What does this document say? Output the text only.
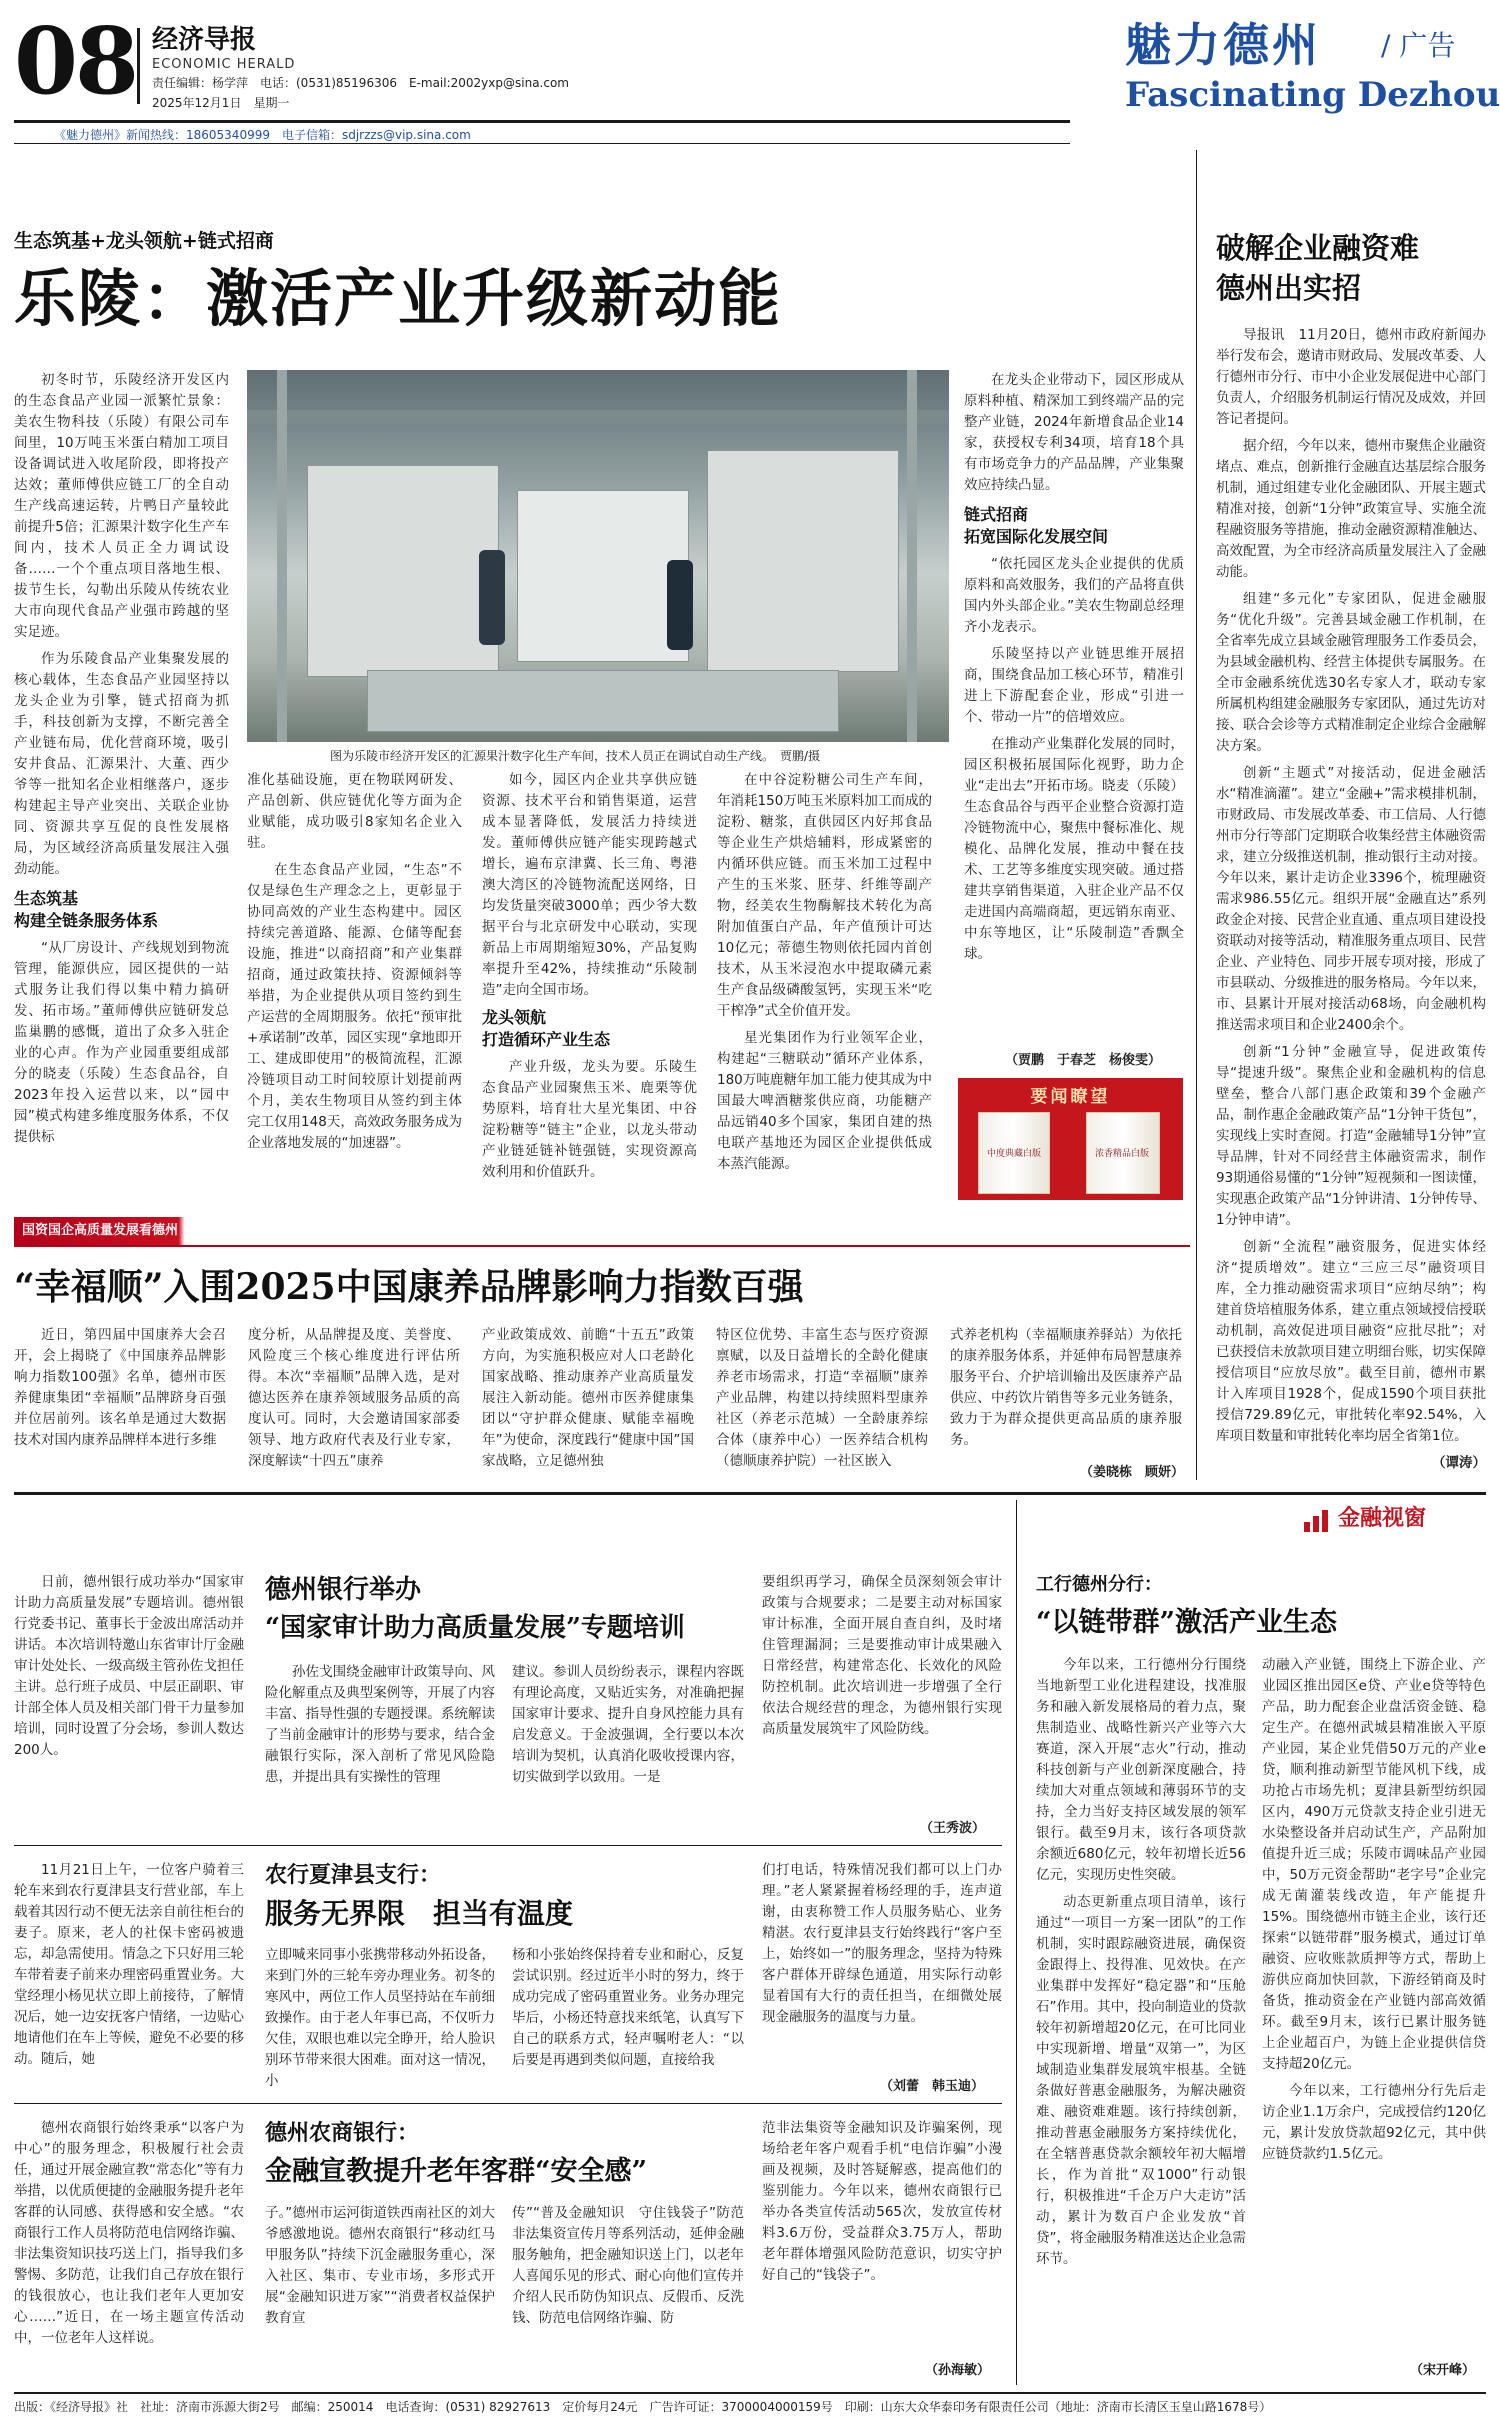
08 经济导报
ECONOMIC HERALD
责任编辑：杨学萍　电话：(0531)85196306　E-mail:2002yxp@sina.com
2025年12月1日　星期一
魅力德州 / 广告
Fascinating Dezhou
《魅力德州》新闻热线：18605340999　电子信箱：sdjrzzs@vip.sina.com
生态筑基+龙头领航+链式招商
乐陵：激活产业升级新动能

初冬时节，乐陵经济开发区内的生态食品产业园一派繁忙景象：美农生物科技（乐陵）有限公司车间里，10万吨玉米蛋白精加工项目设备调试进入收尾阶段，即将投产达效；董师傅供应链工厂的全自动生产线高速运转，片鸭日产量较此前提升5倍；汇源果汁数字化生产车间内，技术人员正全力调试设备……一个个重点项目落地生根、拔节生长，勾勒出乐陵从传统农业大市向现代食品产业强市跨越的坚实足迹。

作为乐陵食品产业集聚发展的核心载体，生态食品产业园坚持以龙头企业为引擎，链式招商为抓手，科技创新为支撑，不断完善全产业链布局，优化营商环境，吸引安井食品、汇源果汁、大董、西少爷等一批知名企业相继落户，逐步构建起主导产业突出、关联企业协同、资源共享互促的良性发展格局，为区域经济高质量发展注入强劲动能。

生态筑基
构建全链条服务体系

“从厂房设计、产线规划到物流管理，能源供应，园区提供的一站式服务让我们得以集中精力搞研发、拓市场。”董师傅供应链研发总监巢鹏的感慨，道出了众多入驻企业的心声。作为产业园重要组成部分的晓麦（乐陵）生态食品谷，自2023年投入运营以来，以“园中园”模式构建多维度服务体系，不仅提供标

图为乐陵市经济开发区的汇源果汁数字化生产车间，技术人员正在调试自动生产线。　贾鹏/摄

准化基础设施，更在物联网研发、产品创新、供应链优化等方面为企业赋能，成功吸引8家知名企业入驻。

在生态食品产业园，“生态”不仅是绿色生产理念之上，更彰显于协同高效的产业生态构建中。园区持续完善道路、能源、仓储等配套设施，推进“以商招商”和产业集群招商，通过政策扶持、资源倾斜等举措，为企业提供从项目签约到生产运营的全周期服务。依托“预审批+承诺制”改革，园区实现“拿地即开工、建成即使用”的极简流程，汇源冷链项目动工时间较原计划提前两个月，美农生物项目从签约到主体完工仅用148天，高效政务服务成为企业落地发展的“加速器”。

如今，园区内企业共享供应链资源、技术平台和销售渠道，运营成本显著降低，发展活力持续迸发。董师傅供应链产能实现跨越式增长，遍布京津冀、长三角、粤港澳大湾区的冷链物流配送网络，日均发货量突破3000单；西少爷大数据平台与北京研发中心联动，实现新品上市周期缩短30%，产品复购率提升至42%，持续推动“乐陵制造”走向全国市场。

龙头领航
打造循环产业生态

产业升级，龙头为要。乐陵生态食品产业园聚焦玉米、鹿栗等优势原料，培育壮大星光集团、中谷淀粉糖等“链主”企业，以龙头带动产业链延链补链强链，实现资源高效利用和价值跃升。

在中谷淀粉糖公司生产车间，年消耗150万吨玉米原料加工而成的淀粉、糖浆，直供园区内好邦食品等企业生产烘焙辅料，形成紧密的内循环供应链。而玉米加工过程中产生的玉米浆、胚芽、纤维等副产物，经美农生物酶解技术转化为高附加值蛋白产品，年产值预计可达10亿元；蒂德生物则依托园内首创技术，从玉米浸泡水中提取磷元素生产食品级磷酸氢钙，实现玉米“吃干榨净”式全价值开发。

星光集团作为行业领军企业，构建起“三糖联动”循环产业体系，180万吨鹿糖年加工能力使其成为中国最大啤酒糖浆供应商，功能糖产品远销40多个国家，集团自建的热电联产基地还为园区企业提供低成本蒸汽能源。

在龙头企业带动下，园区形成从原料种植、精深加工到终端产品的完整产业链，2024年新增食品企业14家，获授权专利34项，培育18个具有市场竞争力的产品品牌，产业集聚效应持续凸显。

链式招商
拓宽国际化发展空间

“依托园区龙头企业提供的优质原料和高效服务，我们的产品将直供国内外头部企业。”美农生物副总经理齐小龙表示。

乐陵坚持以产业链思维开展招商，围绕食品加工核心环节，精准引进上下游配套企业，形成“引进一个、带动一片”的倍增效应。

在推动产业集群化发展的同时，园区积极拓展国际化视野，助力企业“走出去”开拓市场。晓麦（乐陵）生态食品谷与西平企业整合资源打造冷链物流中心，聚焦中餐标准化、规模化、品牌化发展，推动中餐在技术、工艺等多维度实现突破。通过搭建共享销售渠道，入驻企业产品不仅走进国内高端商超，更远销东南亚、中东等地区，让“乐陵制造”香飘全球。

（贾鹏　于春芝　杨俊雯）
要闻瞭望
中度典藏白版	浓香精品白版
破解企业融资难
德州出实招

导报讯　11月20日，德州市政府新闻办举行发布会，邀请市财政局、发展改革委、人行德州市分行、市中小企业发展促进中心部门负责人，介绍服务机制运行情况及成效，并回答记者提问。

据介绍，今年以来，德州市聚焦企业融资堵点、难点，创新推行金融直达基层综合服务机制，通过组建专业化金融团队、开展主题式精准对接，创新“1分钟”政策宣导、实施全流程融资服务等措施，推动金融资源精准触达、高效配置，为全市经济高质量发展注入了金融动能。

组建“多元化”专家团队，促进金融服务“优化升级”。完善县域金融工作机制，在全省率先成立县域金融管理服务工作委员会，为县域金融机构、经营主体提供专属服务。在全市金融系统优选30名专家人才，联动专家所属机构组建金融服务专家团队，通过先访对接、联合会诊等方式精准制定企业综合金融解决方案。

创新“主题式”对接活动，促进金融活水“精准滴灌”。建立“金融+”需求模排机制，市财政局、市发展改革委、市工信局、人行德州市分行等部门定期联合收集经营主体融资需求，建立分级推送机制，推动银行主动对接。今年以来，累计走访企业3396个，梳理融资需求986.55亿元。组织开展“金融直达”系列政金企对接、民营企业直通、重点项目建设投资联动对接等活动，精准服务重点项目、民营企业、产业特色、同步开展专项对接，形成了市县联动、分级推进的服务格局。今年以来，市、县累计开展对接活动68场，向金融机构推送需求项目和企业2400余个。

创新“1分钟”金融宣导，促进政策传导“提速升级”。聚焦企业和金融机构的信息壁垒，整合八部门惠企政策和39个金融产品，制作惠企金融政策产品“1分钟干货包”，实现线上实时查阅。打造“金融辅导1分钟”宣导品牌，针对不同经营主体融资需求，制作93期通俗易懂的“1分钟”短视频和一图读懂，实现惠企政策产品“1分钟讲清、1分钟传导、1分钟申请”。

创新“全流程”融资服务，促进实体经济“提质增效”。建立“三应三尽”融资项目库，全力推动融资需求项目“应纳尽纳”；构建首贷培植服务体系，建立重点领域授信授联动机制，高效促进项目融资“应批尽批”；对已获授信未放款项目建立明细台账，切实保障授信项目“应放尽放”。截至目前，德州市累计入库项目1928个，促成1590个项目获批授信729.89亿元，审批转化率92.54%，入库项目数量和审批转化率均居全省第1位。

（谭涛）
国资国企高质量发展看德州
“幸福顺”入围2025中国康养品牌影响力指数百强

近日，第四届中国康养大会召开，会上揭晓了《中国康养品牌影响力指数100强》名单，德州市医养健康集团“幸福顺”品牌跻身百强并位居前列。该名单是通过大数据技术对国内康养品牌样本进行多维

度分析，从品牌提及度、美誉度、风险度三个核心维度进行评估所得。本次“幸福顺”品牌入选，是对德达医养在康养领域服务品质的高度认可。同时，大会邀请国家部委领导、地方政府代表及行业专家，深度解读“十四五”康养

产业政策成效、前瞻“十五五”政策方向，为实施积极应对人口老龄化国家战略、推动康养产业高质量发展注入新动能。德州市医养健康集团以“守护群众健康、赋能幸福晚年”为使命，深度践行“健康中国”国家战略，立足德州独

特区位优势、丰富生态与医疗资源禀赋，以及日益增长的全龄化健康养老市场需求，打造“幸福顺”康养产业品牌，构建以持续照料型康养社区（养老示范城）一全龄康养综合体（康养中心）一医养结合机构（德顺康养护院）一社区嵌入

式养老机构（幸福顺康养驿站）为依托的康养服务体系，并延伸布局智慧康养服务平台、介护培训输出及医康养产品供应、中药饮片销售等多元业务链条，致力于为群众提供更高品质的康养服务。

（姜晓栋　顾妍）
金融视窗

日前，德州银行成功举办“国家审计助力高质量发展”专题培训。德州银行党委书记、董事长于金波出席活动并讲话。本次培训特邀山东省审计厅金融审计处处长、一级高级主管孙佐戈担任主讲。总行班子成员、中层正副职、审计部全体人员及相关部门骨干力量参加培训，同时设置了分会场，参训人数达200人。

德州银行举办
“国家审计助力高质量发展”专题培训

孙佐戈围绕金融审计政策导向、风险化解重点及典型案例等，开展了内容丰富、指导性强的专题授课。系统解读了当前金融审计的形势与要求，结合金融银行实际，深入剖析了常见风险隐患，并提出具有实操性的管理

建议。参训人员纷纷表示，课程内容既有理论高度，又贴近实务，对准确把握国家审计要求、提升自身风控能力具有启发意义。于金波强调，全行要以本次培训为契机，认真消化吸收授课内容，切实做到学以致用。一是

要组织再学习，确保全员深刻领会审计政策与合规要求；二是要主动对标国家审计标准，全面开展自查自纠，及时堵住管理漏洞；三是要推动审计成果融入日常经营，构建常态化、长效化的风险防控机制。此次培训进一步增强了全行依法合规经营的理念，为德州银行实现高质量发展筑牢了风险防线。

（王秀波）

11月21日上午，一位客户骑着三轮车来到农行夏津县支行营业部，车上载着其因行动不便无法亲自前往柜台的妻子。原来，老人的社保卡密码被遗忘，却急需使用。情急之下只好用三轮车带着妻子前来办理密码重置业务。大堂经理小杨见状立即上前接待，了解情况后，她一边安抚客户情绪，一边贴心地请他们在车上等候，避免不必要的移动。随后，她

农行夏津县支行：
服务无界限　担当有温度

立即喊来同事小张携带移动外拓设备，来到门外的三轮车旁办理业务。初冬的寒风中，两位工作人员坚持站在车前细致操作。由于老人年事已高，不仅听力欠佳，双眼也难以完全睁开，给人脸识别环节带来很大困难。面对这一情况，小

杨和小张始终保持着专业和耐心，反复尝试识别。经过近半小时的努力，终于成功完成了密码重置业务。业务办理完毕后，小杨还特意找来纸笔，认真写下自己的联系方式，轻声嘱咐老人：“以后要是再遇到类似问题，直接给我

们打电话，特殊情况我们都可以上门办理。”老人紧紧握着杨经理的手，连声道谢，由衷称赞工作人员服务贴心、业务精湛。农行夏津县支行始终践行“客户至上，始终如一”的服务理念，坚持为特殊客户群体开辟绿色通道，用实际行动彰显着国有大行的责任担当，在细微处展现金融服务的温度与力量。

（刘蕾　韩玉迪）

德州农商银行始终秉承“以客户为中心”的服务理念，积极履行社会责任，通过开展金融宣教“常态化”等有力举措，以优质便捷的金融服务提升老年客群的认同感、获得感和安全感。“农商银行工作人员将防范电信网络诈骗、非法集资知识技巧送上门，指导我们多警惕、多防范，让我们自己存放在银行的钱很放心，也让我们老年人更加安心……”近日，在一场主题宣传活动中，一位老年人这样说。

德州农商银行：
金融宣教提升老年客群“安全感”

子。”德州市运河街道铁西南社区的刘大爷感激地说。德州农商银行“移动红马甲服务队”持续下沉金融服务重心，深入社区、集市、专业市场，多形式开展“金融知识进万家”“消费者权益保护教育宣

传”“普及金融知识　守住钱袋子”防范非法集资宣传月等系列活动，延伸金融服务触角，把金融知识送上门，以老年人喜闻乐见的形式、耐心向他们宣传并介绍人民币防伪知识点、反假币、反洗钱、防范电信网络诈骗、防

范非法集资等金融知识及诈骗案例，现场给老年客户观看手机“电信诈骗”小漫画及视频，及时答疑解惑，提高他们的鉴别能力。今年以来，德州农商银行已举办各类宣传活动565次，发放宣传材料3.6万份，受益群众3.75万人，帮助老年群体增强风险防范意识，切实守护好自己的“钱袋子”。

（孙海敏）
工行德州分行：
“以链带群”激活产业生态

今年以来，工行德州分行围绕当地新型工业化进程建设，找准服务和融入新发展格局的着力点，聚焦制造业、战略性新兴产业等六大赛道，深入开展“志火”行动，推动科技创新与产业创新深度融合，持续加大对重点领域和薄弱环节的支持，全力当好支持区域发展的领军银行。截至9月末，该行各项贷款余额近680亿元，较年初增长近56亿元，实现历史性突破。

动态更新重点项目清单，该行通过“一项目一方案一团队”的工作机制，实时跟踪融资进展，确保资金跟得上、投得准、见效快。在产业集群中发挥好“稳定器”和“压舱石”作用。其中，投向制造业的贷款较年初新增超20亿元，在可比同业中实现新增、增量“双第一”，为区域制造业集群发展筑牢根基。全链条做好普惠金融服务，为解决融资难、融资难难题。该行持续创新，推动普惠金融服务方案持续优化，在全辖普惠贷款余额较年初大幅增长，作为首批“双1000”行动银行，积极推进“千企万户大走访”活动，累计为数百户企业发放“首贷”，将金融服务精准送达企业急需环节。

动融入产业链，围绕上下游企业、产业园区推出园区e贷、产业e贷等特色产品，助力配套企业盘活资金链、稳定生产。在德州武城县精准嵌入平原产业园，某企业凭借50万元的产业e贷，顺利推动新型节能风机下线，成功抢占市场先机；夏津县新型纺织园区内，490万元贷款支持企业引进无水染整设备并启动试生产，产品附加值提升近三成；乐陵市调味品产业园中，50万元资金帮助“老字号”企业完成无菌灌装线改造，年产能提升15%。围绕德州市链主企业，该行还探索“以链带群”服务模式，通过订单融资、应收账款质押等方式，帮助上游供应商加快回款，下游经销商及时备货，推动资金在产业链内部高效循环。截至9月末，该行已累计服务链上企业超百户，为链上企业提供信贷支持超20亿元。

今年以来，工行德州分行先后走访企业1.1万余户，完成授信约120亿元，累计发放贷款超92亿元，其中供应链贷款约1.5亿元。

（宋开峰）
出版：《经济导报》社　社址：济南市泺源大街2号　邮编：250014　电话查询：(0531) 82927613　定价每月24元　广告许可证：3700004000159号　印刷：山东大众华泰印务有限责任公司（地址：济南市长清区玉皇山路1678号）
